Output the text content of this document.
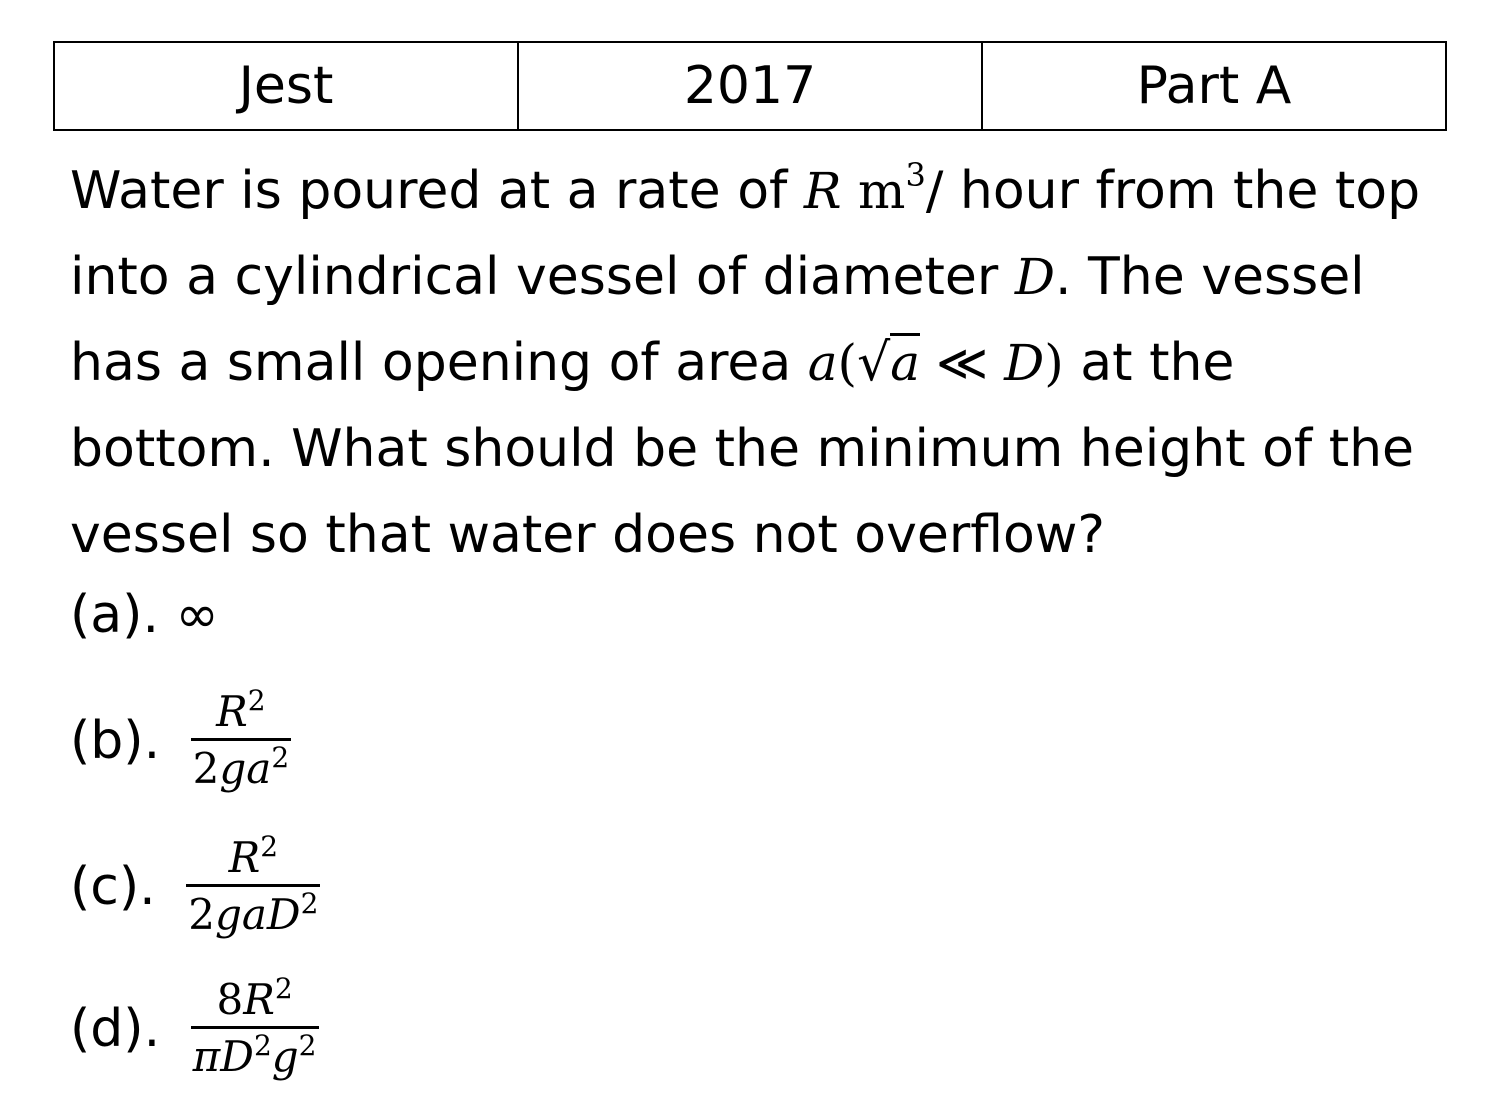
Jest	2017	Part A
Water is poured at a rate of R $m^3/$ hour from the top
into a cylindrical vessel of diameter D. The vessel
has a small opening of area a(√a ≪ D) at the
bottom. What should be the minimum height of the
vessel so that water does not overflow?
(a). ∞
(b). $\frac{R^2}{2ga^2}$
(c). $\frac{R^2}{2gaD^2}$
(d). $\frac{8R^2}{\pi D^2g^2}$
